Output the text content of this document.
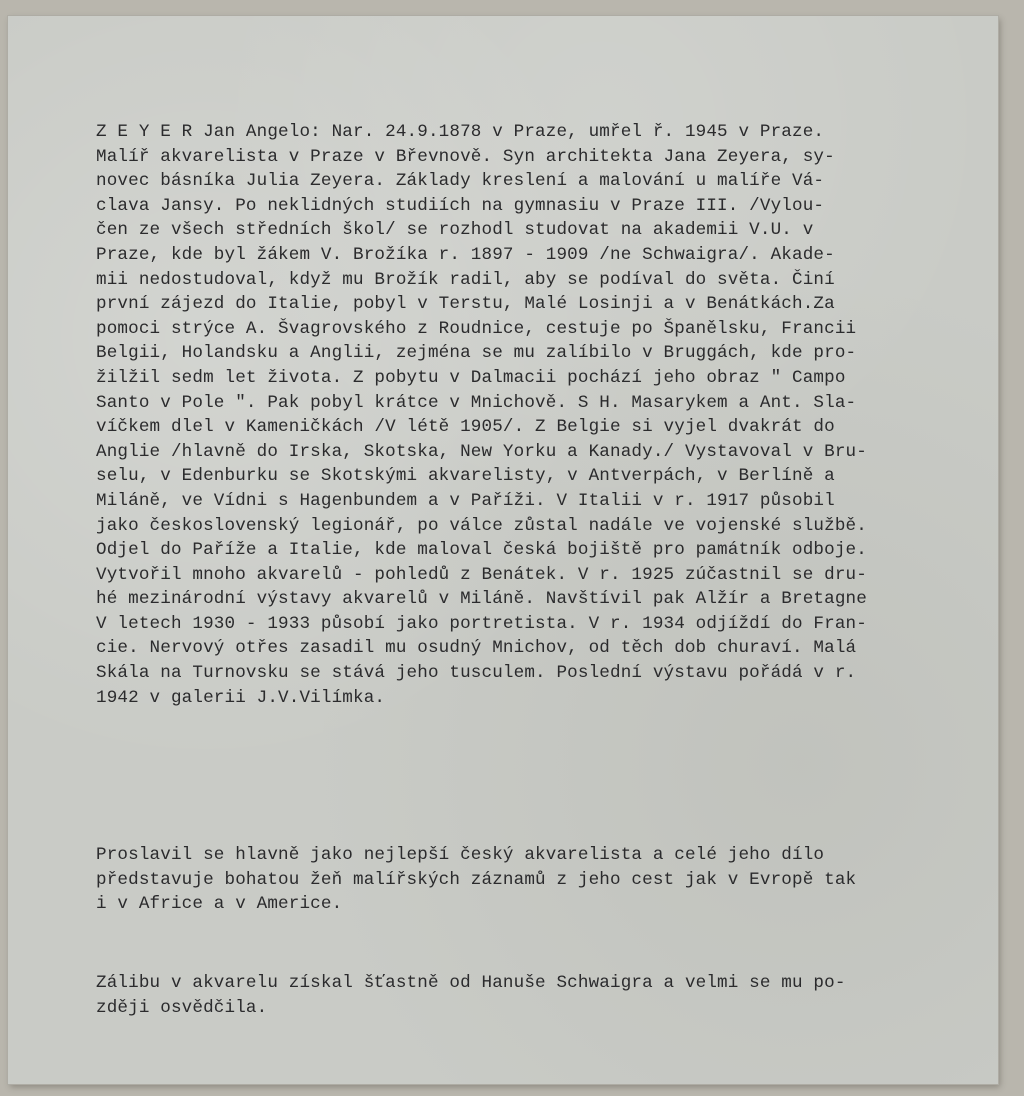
Z E Y E R Jan Angelo: Nar. 24.9.1878 v Praze, umřel ř. 1945 v Praze.
Malíř akvarelista v Praze v Břevnově. Syn architekta Jana Zeyera, sy-
novec básníka Julia Zeyera. Základy kreslení a malování u malíře Vá-
clava Jansy. Po neklidných studiích na gymnasiu v Praze III. /Vylou-
čen ze všech středních škol/ se rozhodl studovat na akademii V.U. v
Praze, kde byl žákem V. Brožíka r. 1897 - 1909 /ne Schwaigra/. Akade-
mii nedostudoval, když mu Brožík radil, aby se podíval do světa. Činí
první zájezd do Italie, pobyl v Terstu, Malé Losinji a v Benátkách.Za
pomoci strýce A. Švagrovského z Roudnice, cestuje po Španělsku, Francii
Belgii, Holandsku a Anglii, zejména se mu zalíbilo v Bruggách, kde pro-
žilžil sedm let života. Z pobytu v Dalmacii pochází jeho obraz " Campo
Santo v Pole ". Pak pobyl krátce v Mnichově. S H. Masarykem a Ant. Sla-
víčkem dlel v Kameničkách /V létě 1905/. Z Belgie si vyjel dvakrát do
Anglie /hlavně do Irska, Skotska, New Yorku a Kanady./ Vystavoval v Bru-
selu, v Edenburku se Skotskými akvarelisty, v Antverpách, v Berlíně a
Miláně, ve Vídni s Hagenbundem a v Paříži. V Italii v r. 1917 působil
jako československý legionář, po válce zůstal nadále ve vojenské službě.
Odjel do Paříže a Italie, kde maloval česká bojiště pro památník odboje.
Vytvořil mnoho akvarelů - pohledů z Benátek. V r. 1925 zúčastnil se dru-
hé mezinárodní výstavy akvarelů v Miláně. Navštívil pak Alžír a Bretagne
V letech 1930 - 1933 působí jako portretista. V r. 1934 odjíždí do Fran-
cie. Nervový otřes zasadil mu osudný Mnichov, od těch dob churaví. Malá
Skála na Turnovsku se stává jeho tusculem. Poslední výstavu pořádá v r.
1942 v galerii J.V.Vilímka.
Proslavil se hlavně jako nejlepší český akvarelista a celé jeho dílo
představuje bohatou žeň malířských záznamů z jeho cest jak v Evropě tak
i v Africe a v Americe.
Zálibu v akvarelu získal šťastně od Hanuše Schwaigra a velmi se mu po-
zději osvědčila.
